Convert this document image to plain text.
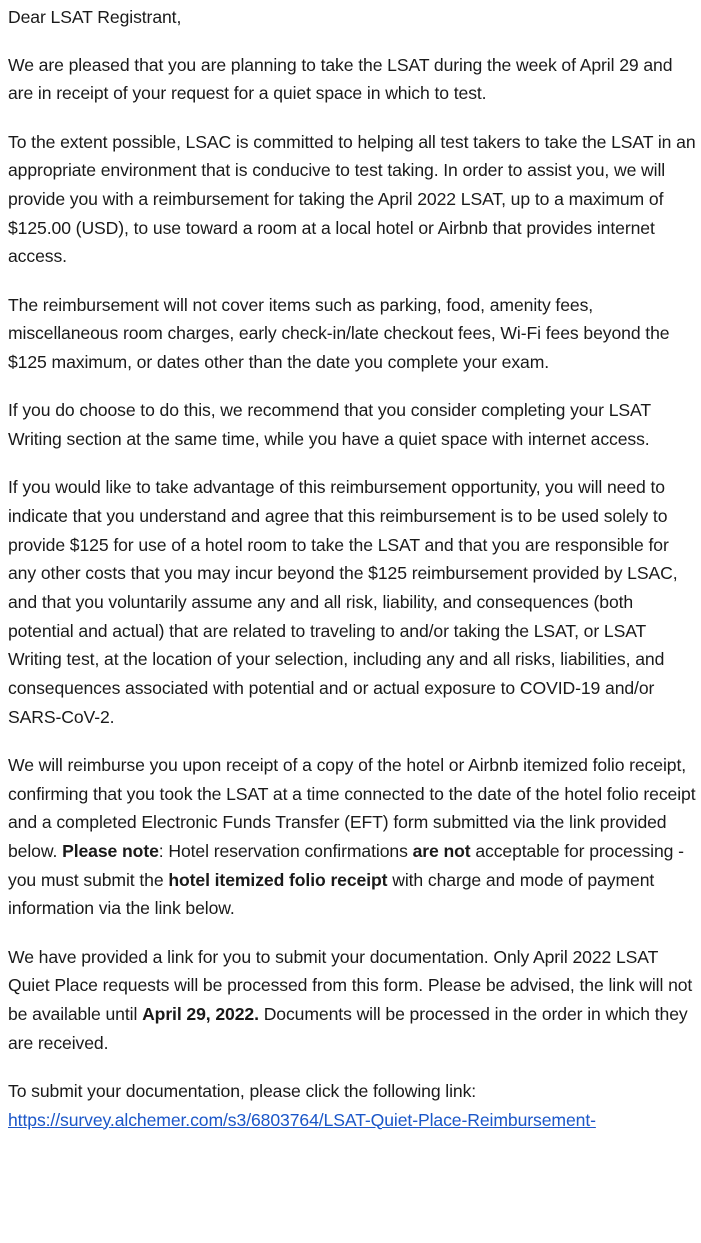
Dear LSAT Registrant,

We are pleased that you are planning to take the LSAT during the week of April 29 and are in receipt of your request for a quiet space in which to test.

To the extent possible, LSAC is committed to helping all test takers to take the LSAT in an appropriate environment that is conducive to test taking. In order to assist you, we will provide you with a reimbursement for taking the April 2022 LSAT, up to a maximum of $125.00 (USD), to use toward a room at a local hotel or Airbnb that provides internet access.

The reimbursement will not cover items such as parking, food, amenity fees, miscellaneous room charges, early check-in/late checkout fees, Wi-Fi fees beyond the $125 maximum, or dates other than the date you complete your exam.

If you do choose to do this, we recommend that you consider completing your LSAT Writing section at the same time, while you have a quiet space with internet access.

If you would like to take advantage of this reimbursement opportunity, you will need to indicate that you understand and agree that this reimbursement is to be used solely to provide $125 for use of a hotel room to take the LSAT and that you are responsible for any other costs that you may incur beyond the $125 reimbursement provided by LSAC, and that you voluntarily assume any and all risk, liability, and consequences (both potential and actual) that are related to traveling to and/or taking the LSAT, or LSAT Writing test, at the location of your selection, including any and all risks, liabilities, and consequences associated with potential and or actual exposure to COVID-19 and/or SARS-CoV-2.

We will reimburse you upon receipt of a copy of the hotel or Airbnb itemized folio receipt, confirming that you took the LSAT at a time connected to the date of the hotel folio receipt and a completed Electronic Funds Transfer (EFT) form submitted via the link provided below. Please note: Hotel reservation confirmations are not acceptable for processing - you must submit the hotel itemized folio receipt with charge and mode of payment information via the link below.

We have provided a link for you to submit your documentation. Only April 2022 LSAT Quiet Place requests will be processed from this form. Please be advised, the link will not be available until April 29, 2022. Documents will be processed in the order in which they are received.

To submit your documentation, please click the following link:
https://survey.alchemer.com/s3/6803764/LSAT-Quiet-Place-Reimbursement-
